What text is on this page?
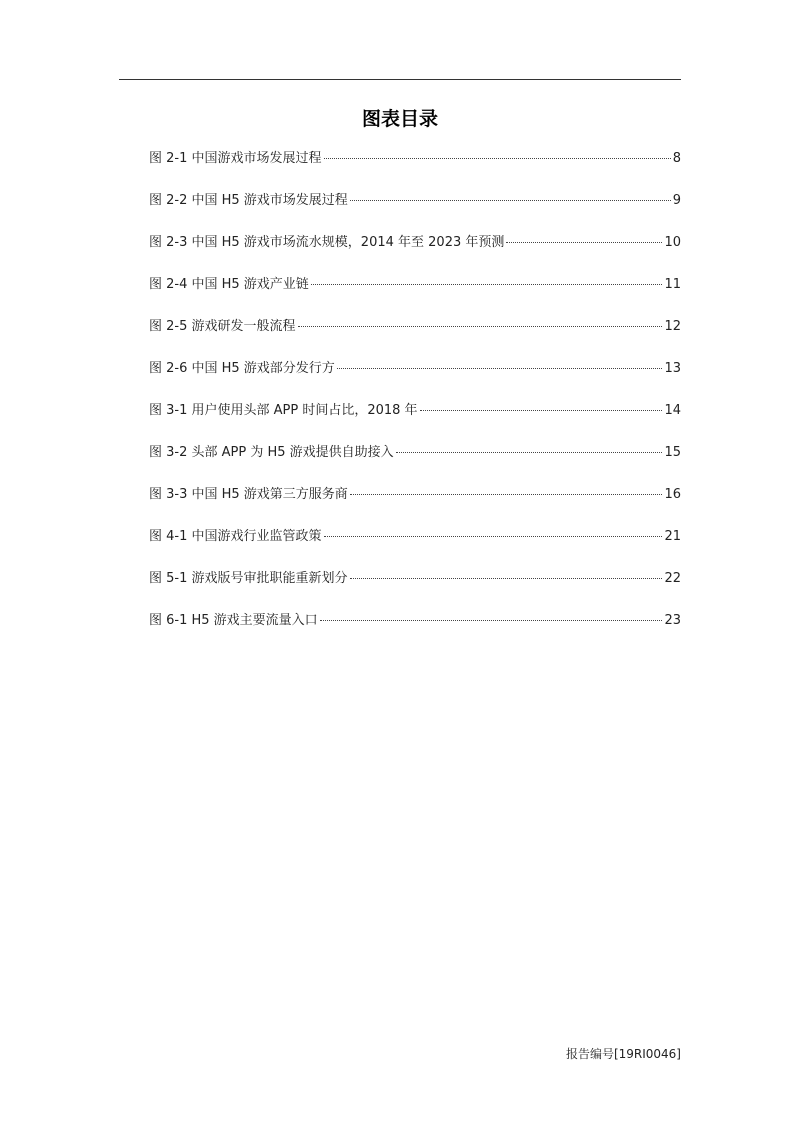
图表目录
图 2-1 中国游戏市场发展过程	8
图 2-2 中国 H5 游戏市场发展过程	9
图 2-3 中国 H5 游戏市场流水规模，2014 年至 2023 年预测	10
图 2-4 中国 H5 游戏产业链	11
图 2-5 游戏研发一般流程	12
图 2-6 中国 H5 游戏部分发行方	13
图 3-1 用户使用头部 APP 时间占比，2018 年	14
图 3-2 头部 APP 为 H5 游戏提供自助接入	15
图 3-3 中国 H5 游戏第三方服务商	16
图 4-1 中国游戏行业监管政策	21
图 5-1 游戏版号审批职能重新划分	22
图 6-1 H5 游戏主要流量入口	23
报告编号[19RI0046]
